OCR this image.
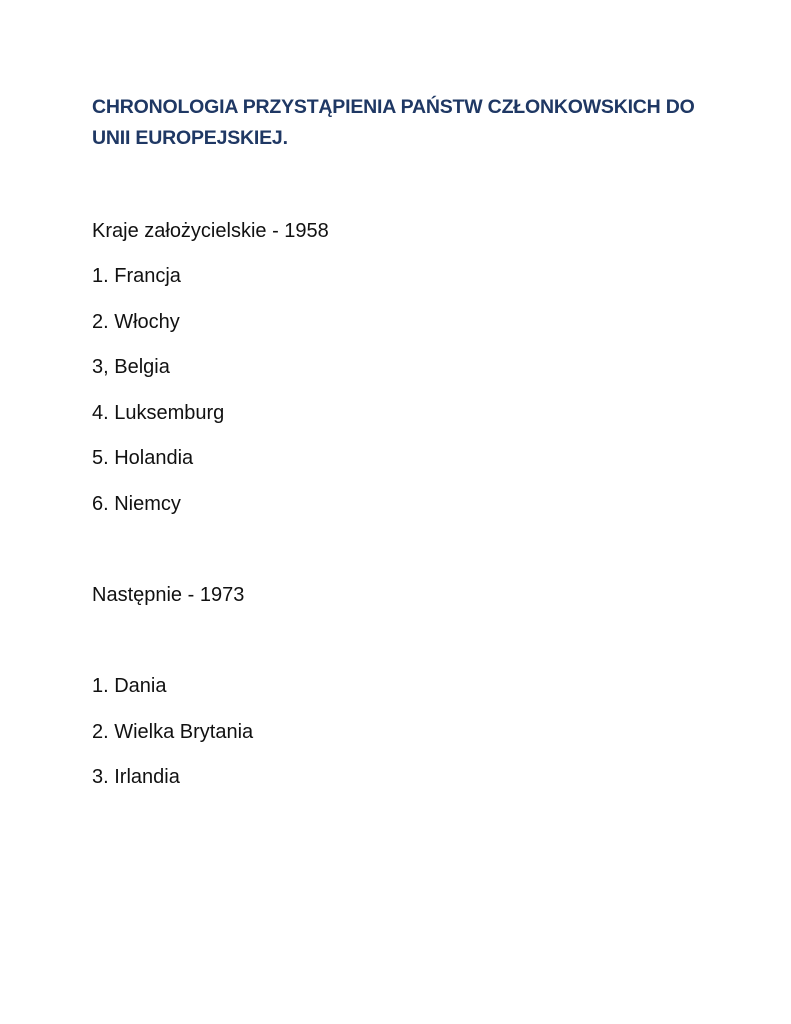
CHRONOLOGIA PRZYSTĄPIENIA PAŃSTW CZŁONKOWSKICH DO
UNII EUROPEJSKIEJ.

Kraje założycielskie - 1958

1. Francja

2. Włochy

3, Belgia

4. Luksemburg

5. Holandia

6. Niemcy

Następnie - 1973

1. Dania

2. Wielka Brytania

3. Irlandia
